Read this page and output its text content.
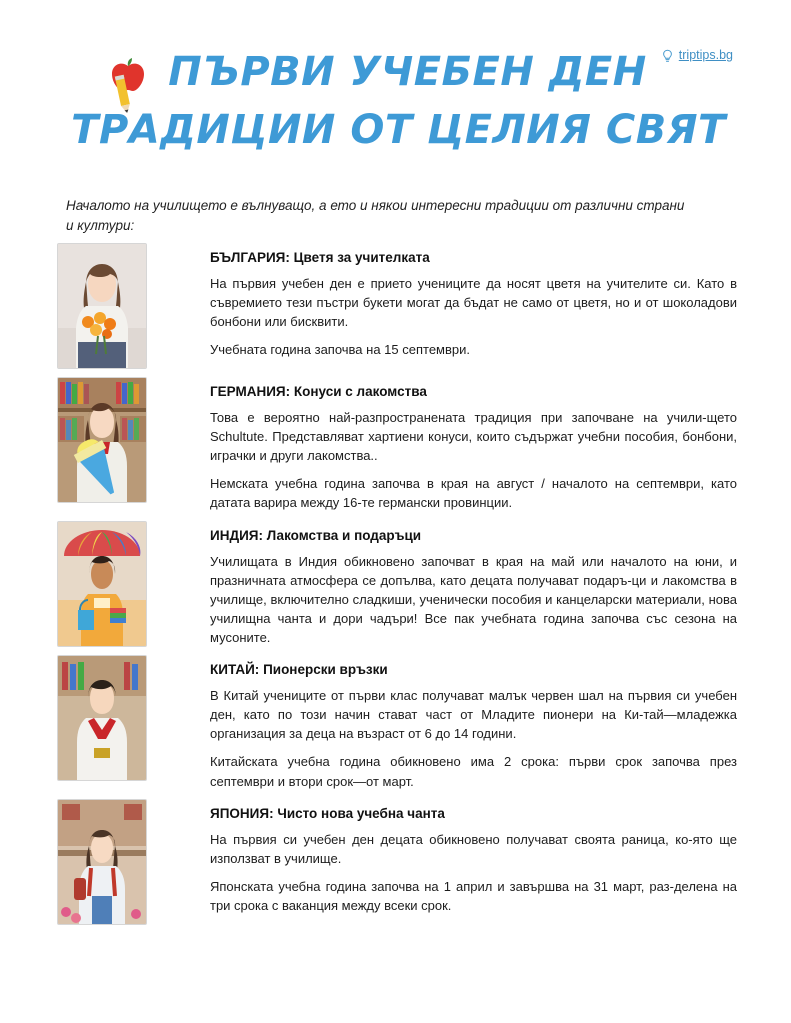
triptips.bg
ПЪРВИ УЧЕБЕН ДЕН
ТРАДИЦИИ ОТ ЦЕЛИЯ СВЯТ
Началото на училището е вълнуващо, а ето и някои интересни традиции от различни страни и култури:
БЪЛГАРИЯ: Цветя за учителката

На първия учебен ден е прието учениците да носят цветя на учителите си. Като в съвремието тези пъстри букети могат да бъдат не само от цветя, но и от шоколадови бонбони или бисквити.

Учебната година започва на 15 септември.

ГЕРМАНИЯ: Конуси с лакомства

Това е вероятно най-разпространената традиция при започване на учили-щето Schultute. Представляват хартиени конуси, които съдържат учебни пособия, бонбони, играчки и други лакомства..

Немската учебна година започва в края на август / началото на септември, като датата варира между 16-те германски провинции.

ИНДИЯ: Лакомства и подаръци

Училищата в Индия обикновено започват в края на май или началото на юни, и празничната атмосфера се допълва, като децата получават подаръ-ци и лакомства в училище, включително сладкиши, ученически пособия и канцеларски материали, нова училищна чанта и дори чадъри! Все пак учебната година започва със сезона на мусоните.

КИТАЙ: Пионерски връзки

В Китай учениците от първи клас получават малък червен шал на първия си учебен ден, като по този начин стават част от Младите пионери на Ки-тай—младежка организация за деца на възраст от 6 до 14 години.

Китайската учебна година обикновено има 2 срока: първи срок започва през септември и втори срок—от март.

ЯПОНИЯ: Чисто нова учебна чанта

На първия си учебен ден децата обикновено получават своята раница, ко-ято ще използват в училище.

Японската учебна година започва на 1 април и завършва на 31 март, раз-делена на три срока с ваканция между всеки срок.
